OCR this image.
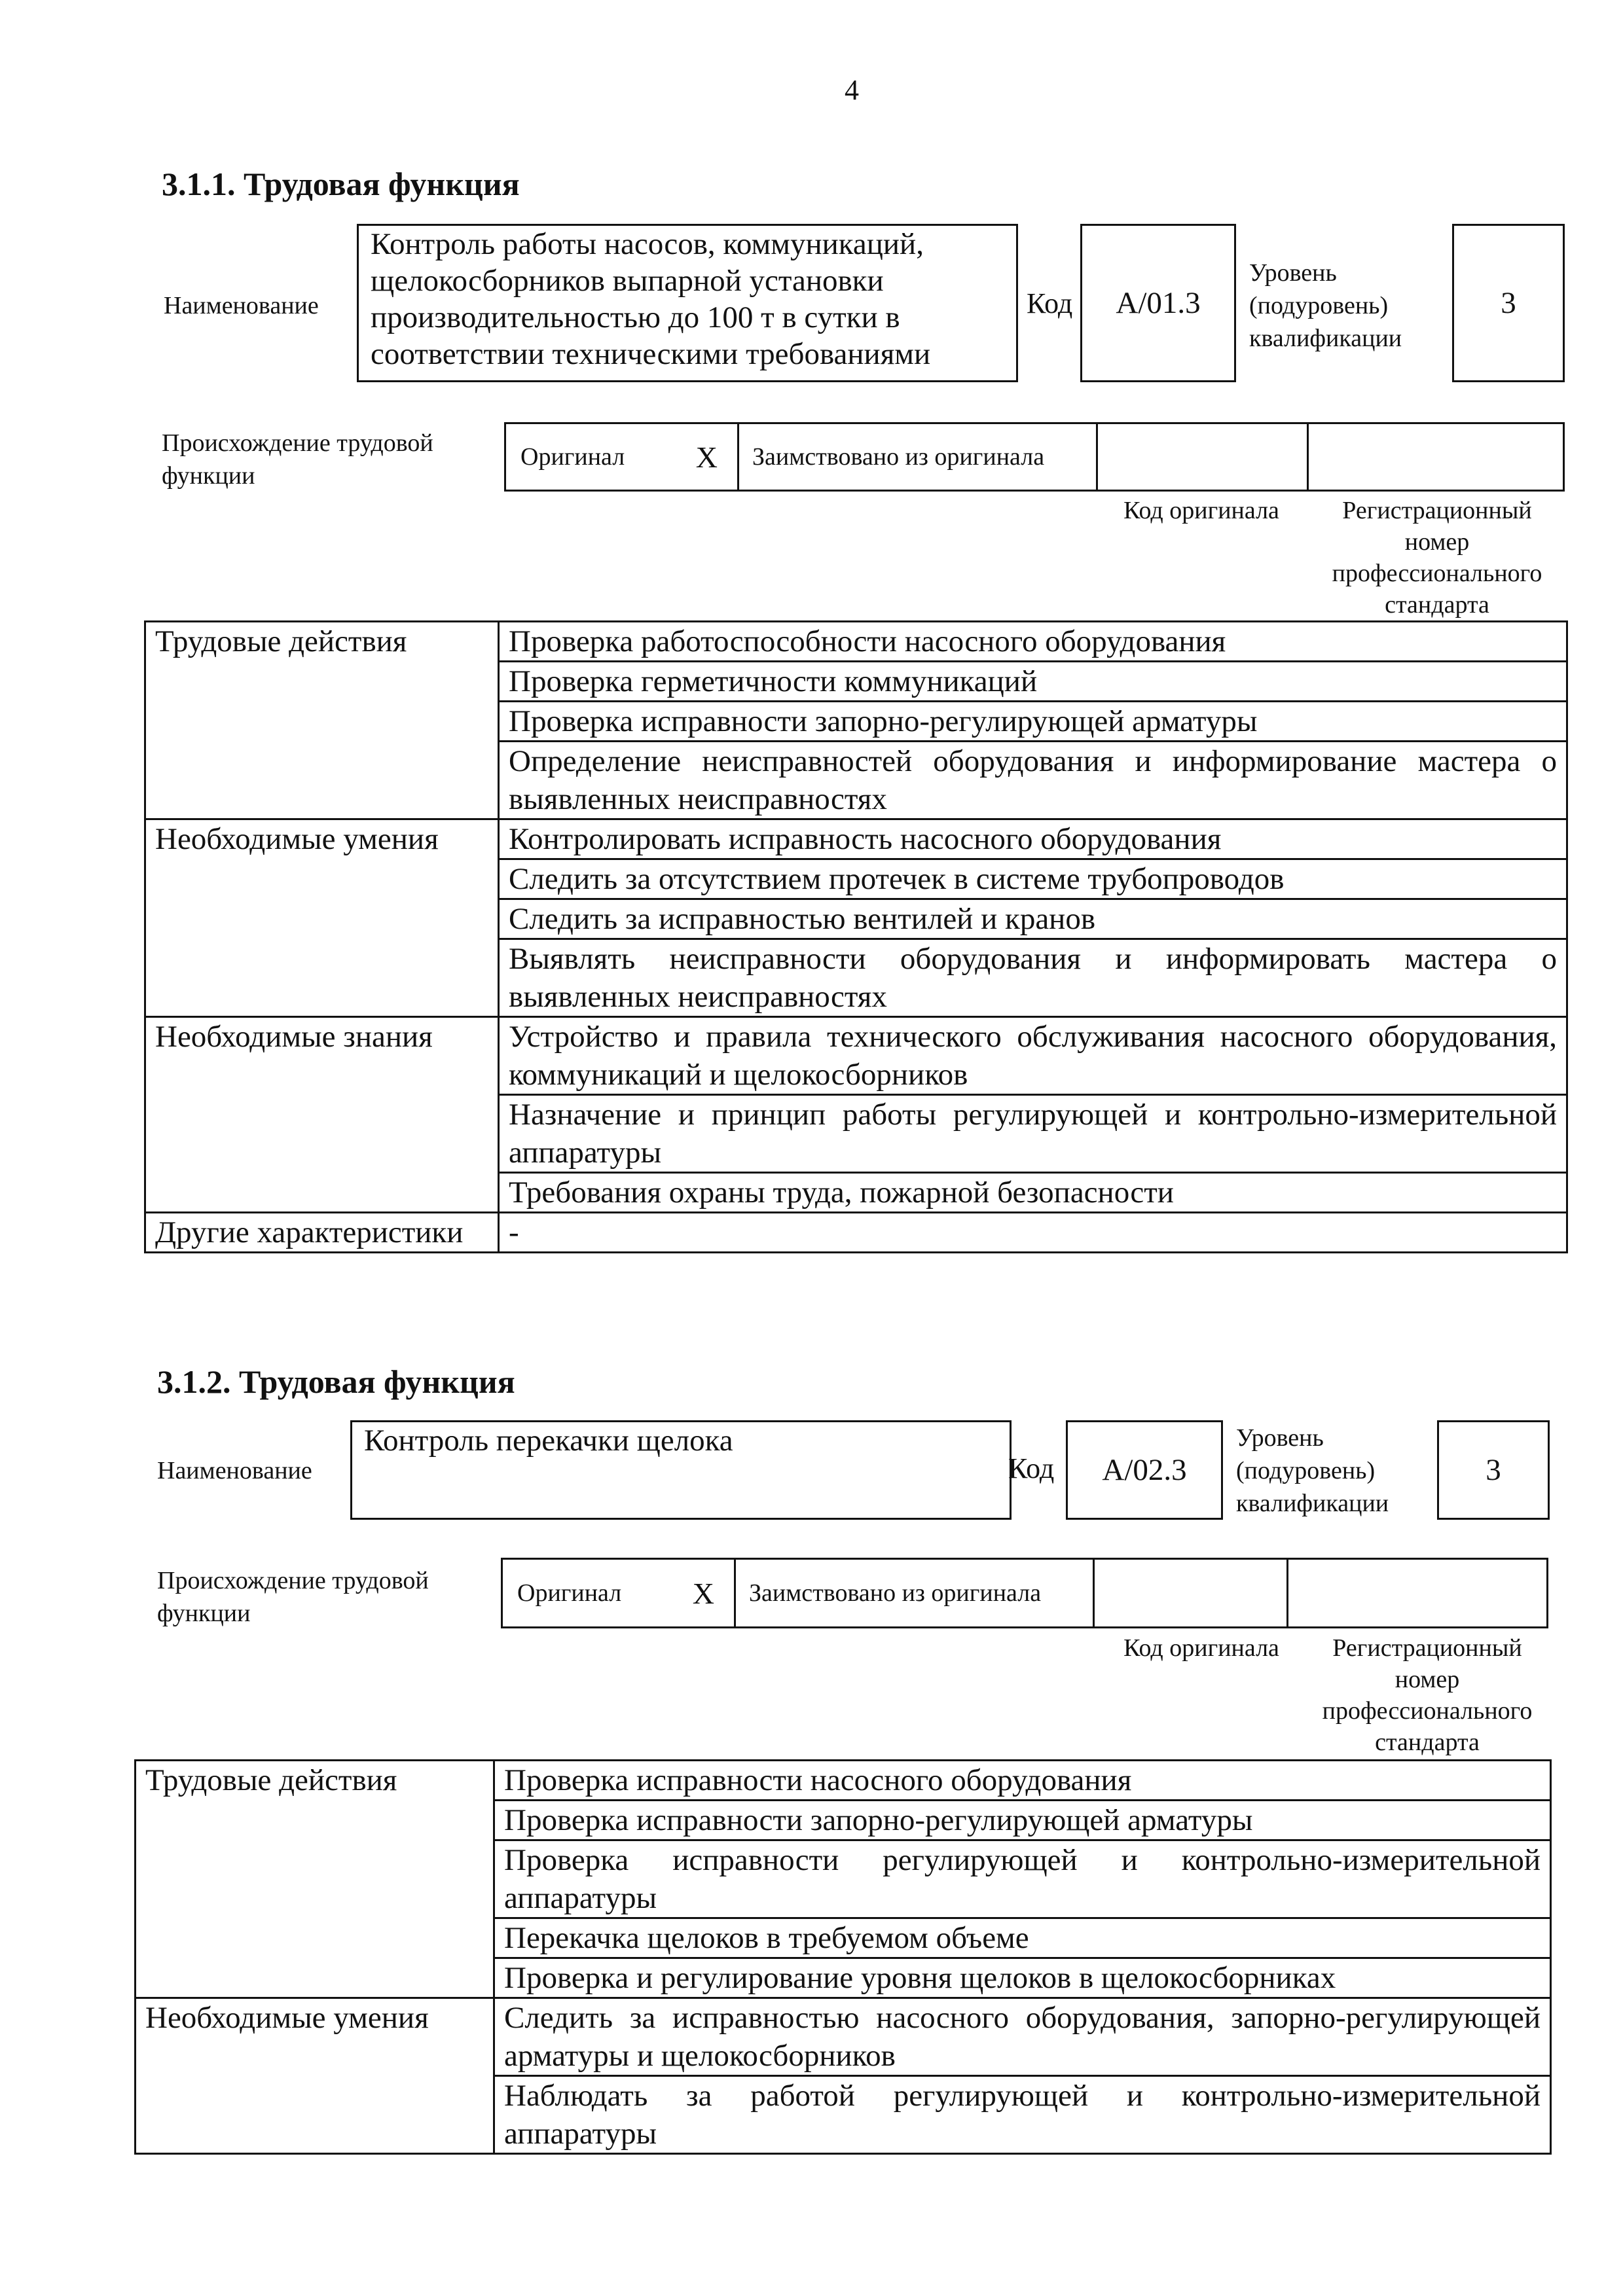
4
3.1.1. Трудовая функция
Наименование
Контроль работы насосов, коммуникаций, щелокосборников выпарной установки производительностью до 100 т в сутки в соответствии техническими требованиями
Код А/01.3
Уровень (подуровень) квалификации
3
Происхождение трудовой функции
Оригинал X Заимствовано из оригинала
Код оригинала	Регистрационный номер профессионального стандарта
Трудовые действия	Проверка работоспособности насосного оборудования
	Проверка герметичности коммуникаций
	Проверка исправности запорно-регулирующей арматуры
	Определение неисправностей оборудования и информирование мастера о выявленных неисправностях
Необходимые умения	Контролировать исправность насосного оборудования
	Следить за отсутствием протечек в системе трубопроводов
	Следить за исправностью вентилей и кранов
	Выявлять неисправности оборудования и информировать мастера о выявленных неисправностях
Необходимые знания	Устройство и правила технического обслуживания насосного оборудования, коммуникаций и щелокосборников
	Назначение и принцип работы регулирующей и контрольно-измерительной аппаратуры
	Требования охраны труда, пожарной безопасности
Другие характеристики	-
3.1.2. Трудовая функция
Наименование
Контроль перекачки щелока
Код А/02.3
Уровень (подуровень) квалификации
3
Происхождение трудовой функции
Оригинал X Заимствовано из оригинала
Код оригинала	Регистрационный номер профессионального стандарта
Трудовые действия	Проверка исправности насосного оборудования
	Проверка исправности запорно-регулирующей арматуры
	Проверка исправности регулирующей и контрольно-измерительной аппаратуры
	Перекачка щелоков в требуемом объеме
	Проверка и регулирование уровня щелоков в щелокосборниках
Необходимые умения	Следить за исправностью насосного оборудования, запорно-регулирующей арматуры и щелокосборников
	Наблюдать за работой регулирующей и контрольно-измерительной аппаратуры
